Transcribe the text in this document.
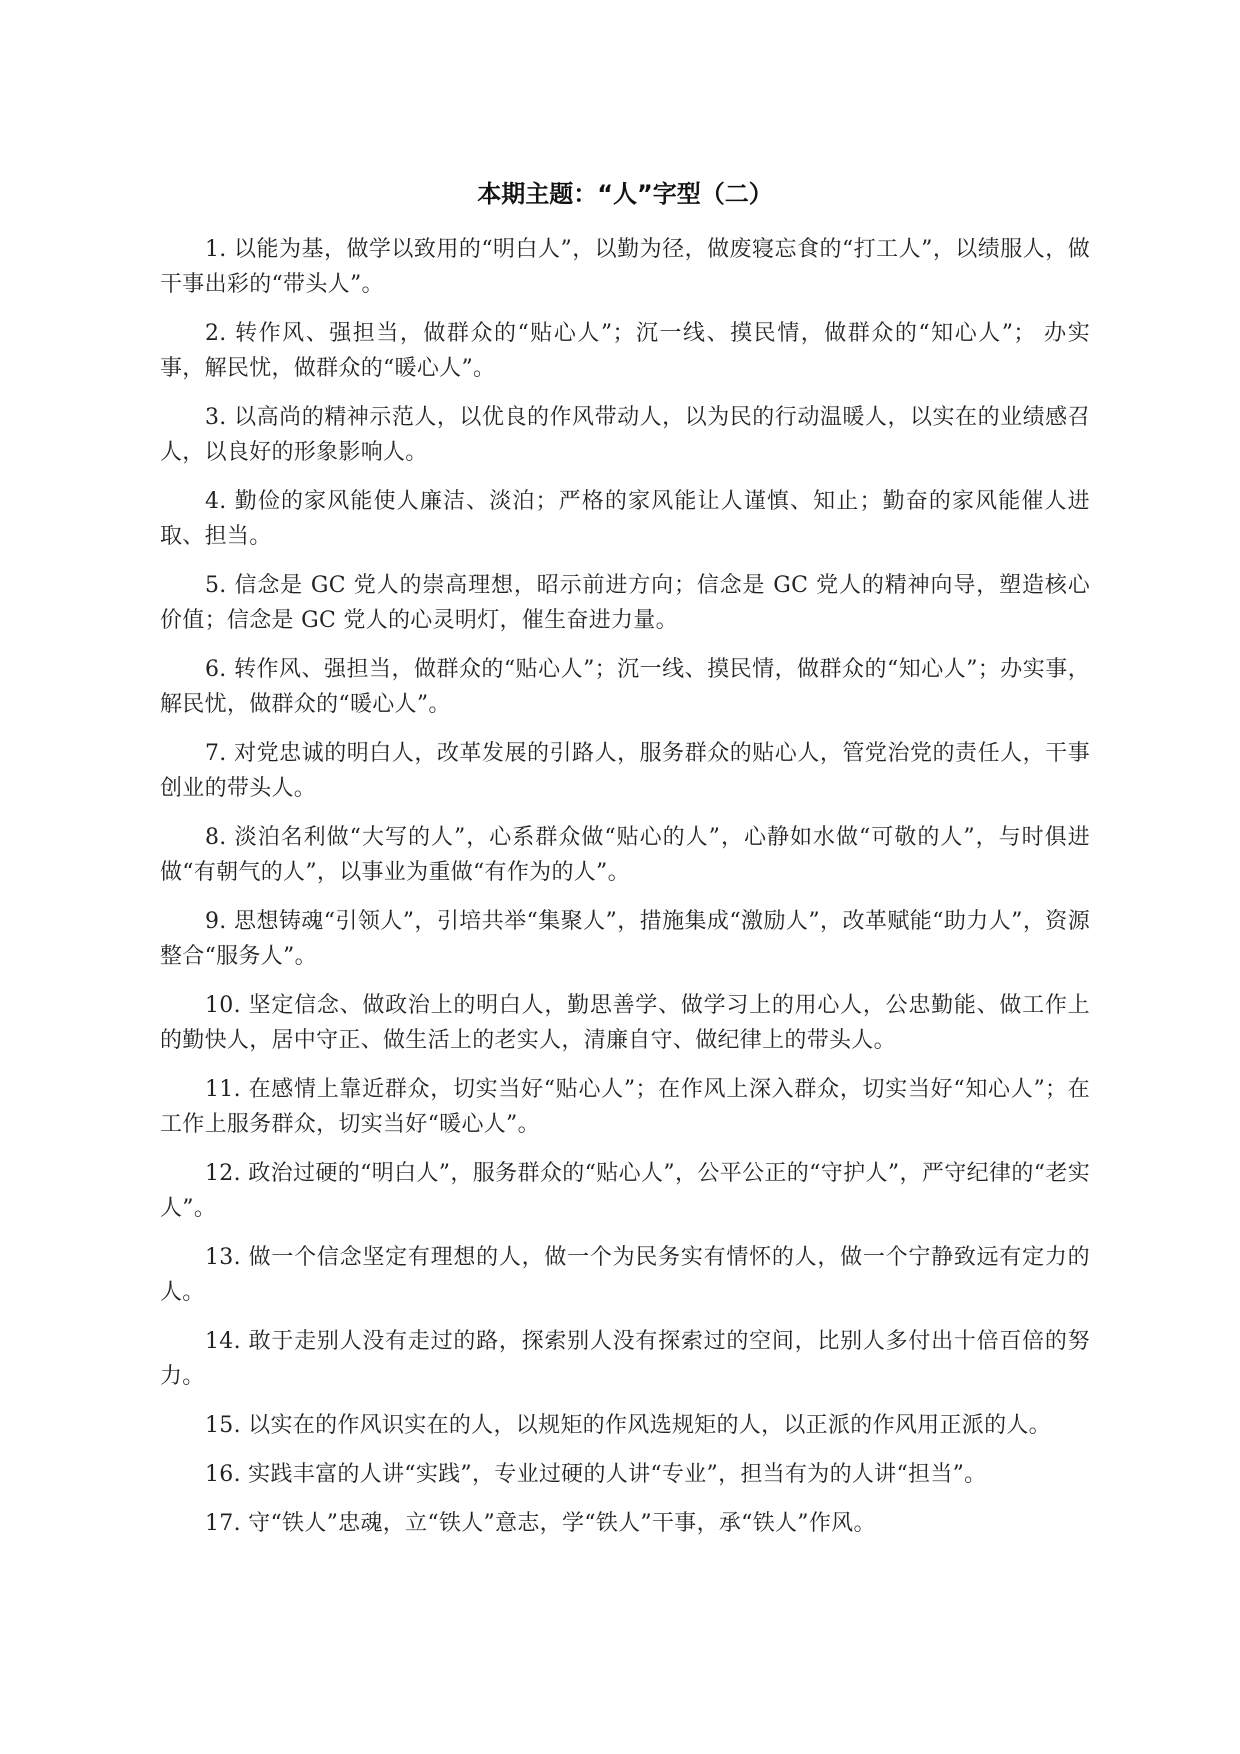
本期主题：“人”字型（二）

1. 以能为基，做学以致用的“明白人”，以勤为径，做废寝忘食的“打工人”，以绩服人，做干事出彩的“带头人”。

2. 转作风、强担当，做群众的“贴心人”；沉一线、摸民情，做群众的“知心人”； 办实事，解民忧，做群众的“暖心人”。

3. 以高尚的精神示范人，以优良的作风带动人，以为民的行动温暖人，以实在的业绩感召人，以良好的形象影响人。

4. 勤俭的家风能使人廉洁、淡泊；严格的家风能让人谨慎、知止；勤奋的家风能催人进取、担当。

5. 信念是 GC 党人的崇高理想，昭示前进方向；信念是 GC 党人的精神向导，塑造核心价值；信念是 GC 党人的心灵明灯，催生奋进力量。

6. 转作风、强担当，做群众的“贴心人”；沉一线、摸民情，做群众的“知心人”；办实事，解民忧，做群众的“暖心人”。

7. 对党忠诚的明白人，改革发展的引路人，服务群众的贴心人，管党治党的责任人，干事创业的带头人。

8. 淡泊名利做“大写的人”，心系群众做“贴心的人”，心静如水做“可敬的人”，与时俱进做“有朝气的人”，以事业为重做“有作为的人”。

9. 思想铸魂“引领人”，引培共举“集聚人”，措施集成“激励人”，改革赋能“助力人”，资源整合“服务人”。

10. 坚定信念、做政治上的明白人，勤思善学、做学习上的用心人，公忠勤能、做工作上的勤快人，居中守正、做生活上的老实人，清廉自守、做纪律上的带头人。

11. 在感情上靠近群众，切实当好“贴心人”；在作风上深入群众，切实当好“知心人”；在工作上服务群众，切实当好“暖心人”。

12. 政治过硬的“明白人”，服务群众的“贴心人”，公平公正的“守护人”，严守纪律的“老实人”。

13. 做一个信念坚定有理想的人，做一个为民务实有情怀的人，做一个宁静致远有定力的人。

14. 敢于走别人没有走过的路，探索别人没有探索过的空间，比别人多付出十倍百倍的努力。

15. 以实在的作风识实在的人，以规矩的作风选规矩的人，以正派的作风用正派的人。

16. 实践丰富的人讲“实践”，专业过硬的人讲“专业”，担当有为的人讲“担当”。

17. 守“铁人”忠魂，立“铁人”意志，学“铁人”干事，承“铁人”作风。
